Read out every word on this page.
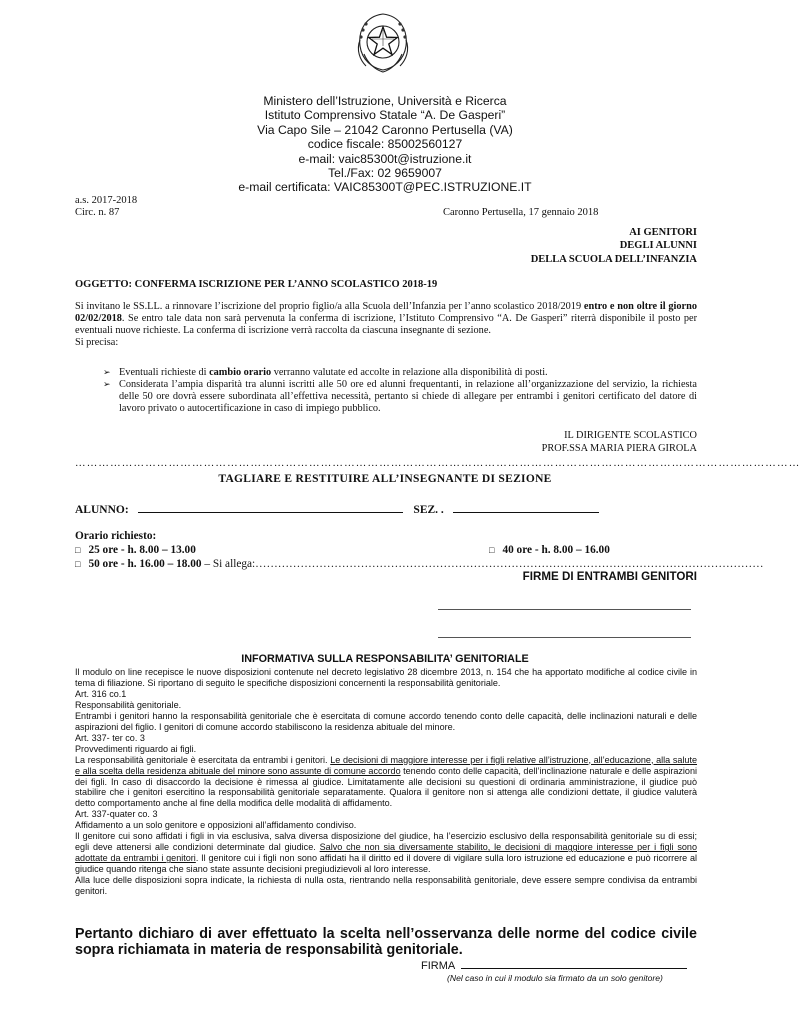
Ministero dell’Istruzione, Università e Ricerca
Istituto Comprensivo Statale “A. De Gasperi”
Via Capo Sile – 21042 Caronno Pertusella (VA)
codice fiscale: 85002560127
e-mail: vaic85300t@istruzione.it
Tel./Fax: 02 9659007
e-mail certificata: VAIC85300T@PEC.ISTRUZIONE.IT
a.s. 2017-2018
Circ. n. 87	Caronno Pertusella, 17 gennaio 2018
AI GENITORI
DEGLI ALUNNI
DELLA SCUOLA DELL’INFANZIA
OGGETTO: CONFERMA ISCRIZIONE PER L’ANNO SCOLASTICO 2018-19

Si invitano le SS.LL. a rinnovare l’iscrizione del proprio figlio/a alla Scuola dell’Infanzia per l’anno scolastico 2018/2019 entro e non oltre il giorno 02/02/2018. Se entro tale data non sarà pervenuta la conferma di iscrizione, l’Istituto Comprensivo “A. De Gasperi” riterrà disponibile il posto per eventuali nuove richieste. La conferma di iscrizione verrà raccolta da ciascuna insegnante di sezione.

Si precisa:

➢ Eventuali richieste di cambio orario verranno valutate ed accolte in relazione alla disponibilità di posti.
➢ Considerata l’ampia disparità tra alunni iscritti alle 50 ore ed alunni frequentanti, in relazione all’organizzazione del servizio, la richiesta delle 50 ore dovrà essere subordinata all’effettiva necessità, pertanto si chiede di allegare per entrambi i genitori certificato del datore di lavoro privato o autocertificazione in caso di impiego pubblico.
IL DIRIGENTE SCOLASTICO
PROF.SSA MARIA PIERA GIROLA
……………………………………………………………………………………………………………………………………………………………………
TAGLIARE E RESTITUIRE ALL’INSEGNANTE DI SEZIONE
ALUNNO:	SEZ. .
Orario richiesto:
□ 25 ore - h. 8.00 – 13.00	□ 40 ore - h. 8.00 – 16.00
□ 50 ore - h. 16.00 – 18.00 – Si allega:………………………………………………………………………………………………………………………
FIRME DI ENTRAMBI GENITORI
INFORMATIVA SULLA RESPONSABILITA’ GENITORIALE

Il modulo on line recepisce le nuove disposizioni contenute nel decreto legislativo 28 dicembre 2013, n. 154 che ha apportato modifiche al codice civile in tema di filiazione. Si riportano di seguito le specifiche disposizioni concernenti la responsabilità genitoriale.

Art. 316 co.1

Responsabilità genitoriale.

Entrambi i genitori hanno la responsabilità genitoriale che è esercitata di comune accordo tenendo conto delle capacità, delle inclinazioni naturali e delle aspirazioni del figlio. I genitori di comune accordo stabiliscono la residenza abituale del minore.

Art. 337- ter co. 3

Provvedimenti riguardo ai figli.

La responsabilità genitoriale è esercitata da entrambi i genitori. Le decisioni di maggiore interesse per i figli relative all’istruzione, all’educazione, alla salute e alla scelta della residenza abituale del minore sono assunte di comune accordo tenendo conto delle capacità, dell’inclinazione naturale e delle aspirazioni dei figli. In caso di disaccordo la decisione è rimessa al giudice. Limitatamente alle decisioni su questioni di ordinaria amministrazione, il giudice può stabilire che i genitori esercitino la responsabilità genitoriale separatamente. Qualora il genitore non si attenga alle condizioni dettate, il giudice valuterà detto comportamento anche al fine della modifica delle modalità di affidamento.

Art. 337-quater co. 3

Affidamento a un solo genitore e opposizioni all’affidamento condiviso.

Il genitore cui sono affidati i figli in via esclusiva, salva diversa disposizione del giudice, ha l’esercizio esclusivo della responsabilità genitoriale su di essi; egli deve attenersi alle condizioni determinate dal giudice. Salvo che non sia diversamente stabilito, le decisioni di maggiore interesse per i figli sono adottate da entrambi i genitori. Il genitore cui i figli non sono affidati ha il diritto ed il dovere di vigilare sulla loro istruzione ed educazione e può ricorrere al giudice quando ritenga che siano state assunte decisioni pregiudizievoli al loro interesse.

Alla luce delle disposizioni sopra indicate, la richiesta di nulla osta, rientrando nella responsabilità genitoriale, deve essere sempre condivisa da entrambi genitori.

Pertanto dichiaro di aver effettuato la scelta nell’osservanza delle norme del codice civile sopra richiamata in materia de responsabilità genitoriale.
FIRMA
(Nel caso in cui il modulo sia firmato da un solo genitore)
